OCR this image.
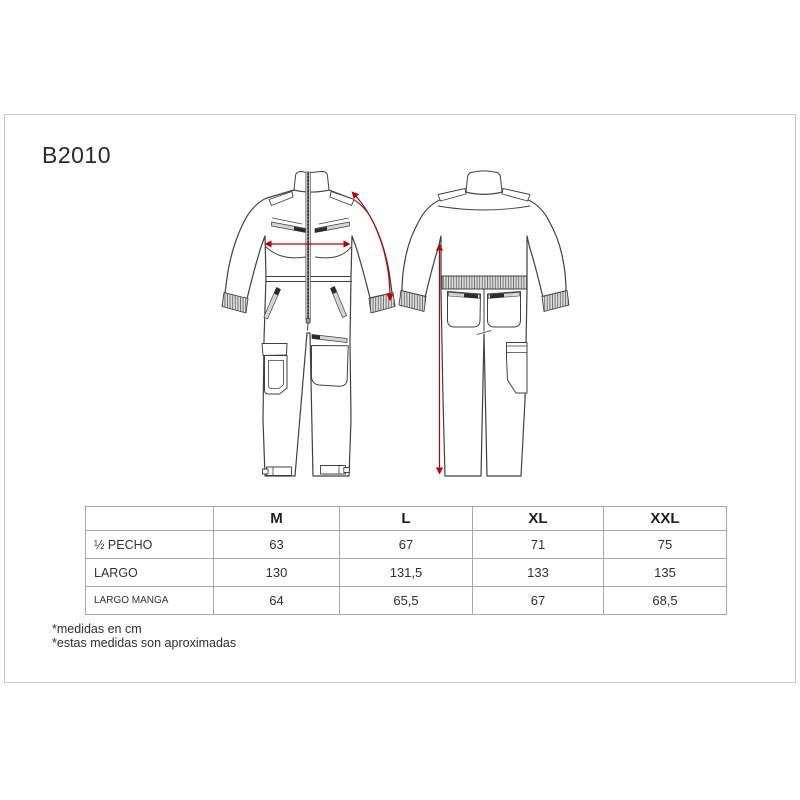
B2010
	M	L	XL	XXL
½ PECHO	63	67	71	75
LARGO	130	131,5	133	135
LARGO MANGA	64	65,5	67	68,5
*medidas en cm
*estas medidas son aproximadas
